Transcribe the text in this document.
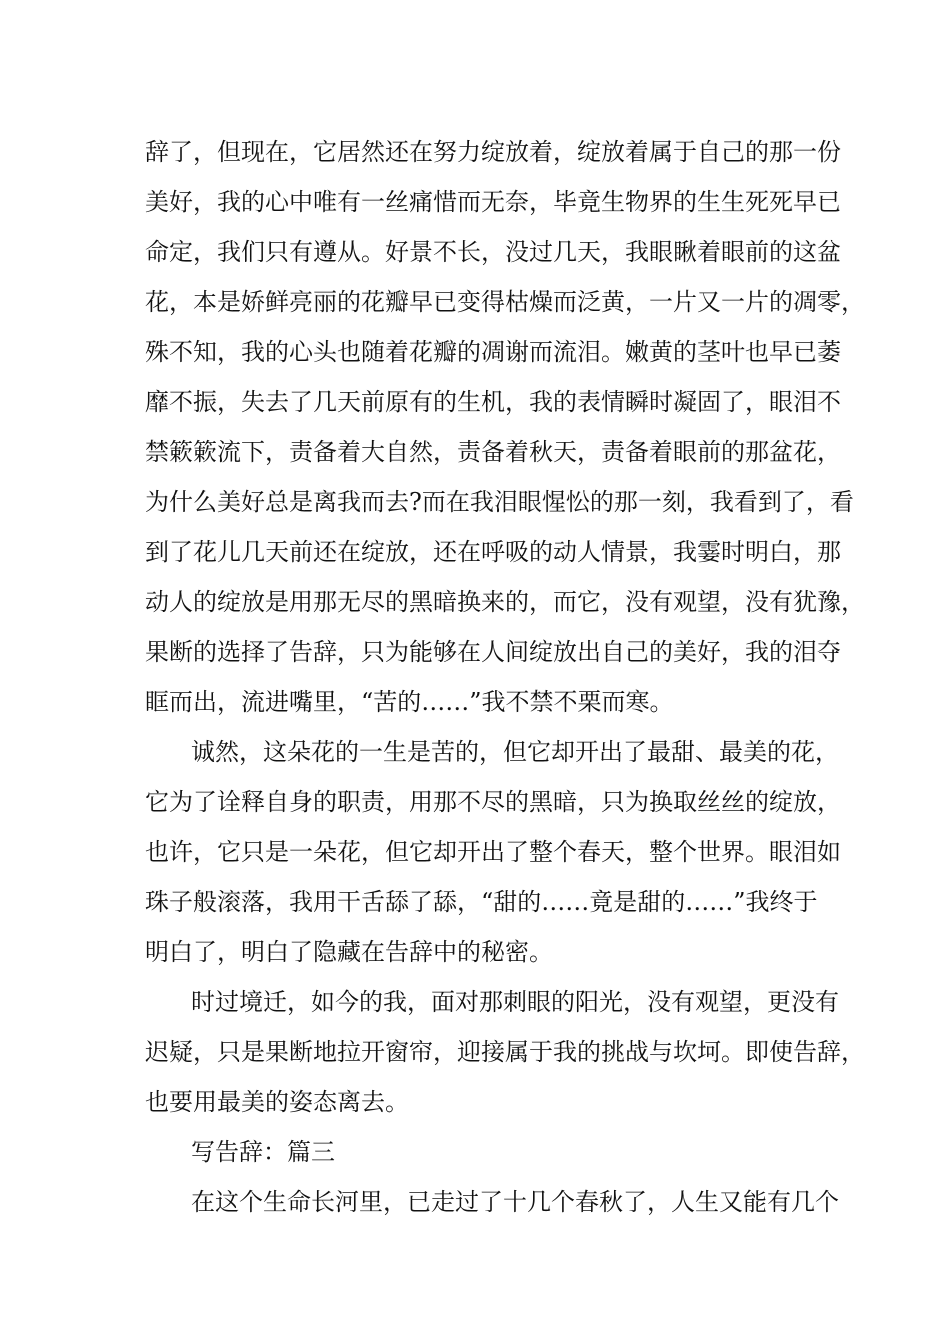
辞了，但现在，它居然还在努力绽放着，绽放着属于自己的那一份
美好，我的心中唯有一丝痛惜而无奈，毕竟生物界的生生死死早已
命定，我们只有遵从。好景不长，没过几天，我眼瞅着眼前的这盆
花，本是娇鲜亮丽的花瓣早已变得枯燥而泛黄，一片又一片的凋零，
殊不知，我的心头也随着花瓣的凋谢而流泪。嫩黄的茎叶也早已萎
靡不振，失去了几天前原有的生机，我的表情瞬时凝固了，眼泪不
禁簌簌流下，责备着大自然，责备着秋天，责备着眼前的那盆花，
为什么美好总是离我而去?而在我泪眼惺忪的那一刻，我看到了，看
到了花儿几天前还在绽放，还在呼吸的动人情景，我霎时明白，那
动人的绽放是用那无尽的黑暗换来的，而它，没有观望，没有犹豫，
果断的选择了告辞，只为能够在人间绽放出自己的美好，我的泪夺
眶而出，流进嘴里，“苦的……”我不禁不栗而寒。
诚然，这朵花的一生是苦的，但它却开出了最甜、最美的花，
它为了诠释自身的职责，用那不尽的黑暗，只为换取丝丝的绽放，
也许，它只是一朵花，但它却开出了整个春天，整个世界。眼泪如
珠子般滚落，我用干舌舔了舔，“甜的……竟是甜的……”我终于
明白了，明白了隐藏在告辞中的秘密。
时过境迁，如今的我，面对那刺眼的阳光，没有观望，更没有
迟疑，只是果断地拉开窗帘，迎接属于我的挑战与坎坷。即使告辞，
也要用最美的姿态离去。
写告辞：篇三
在这个生命长河里，已走过了十几个春秋了，人生又能有几个
